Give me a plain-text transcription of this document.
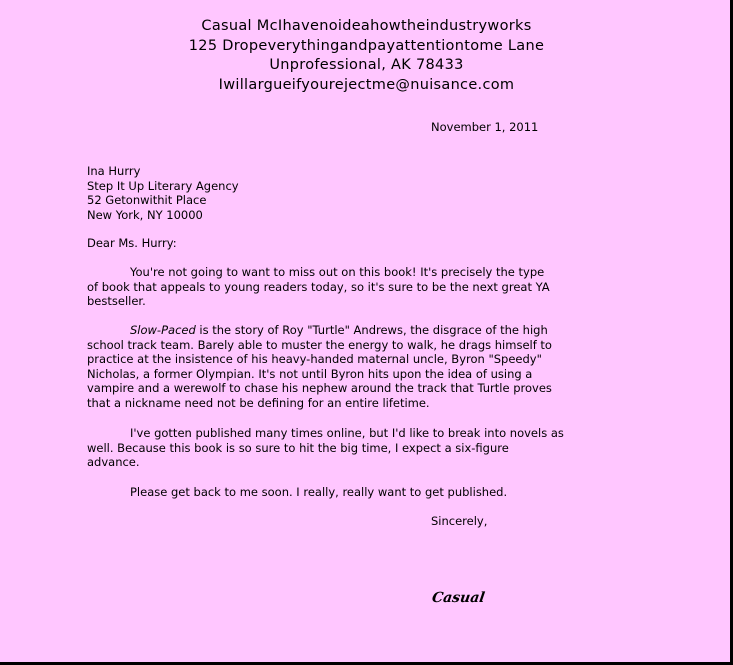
Casual McIhavenoideahowtheindustryworks
125 Dropeverythingandpayattentiontome Lane
Unprofessional, AK 78433
Iwillargueifyourejectme@nuisance.com
November 1, 2011
Ina Hurry
Step It Up Literary Agency
52 Getonwithit Place
New York, NY 10000
Dear Ms. Hurry:
You're not going to want to miss out on this book! It's precisely the type
of book that appeals to young readers today, so it's sure to be the next great YA
bestseller.
Slow-Paced is the story of Roy "Turtle" Andrews, the disgrace of the high
school track team. Barely able to muster the energy to walk, he drags himself to
practice at the insistence of his heavy-handed maternal uncle, Byron "Speedy"
Nicholas, a former Olympian. It's not until Byron hits upon the idea of using a
vampire and a werewolf to chase his nephew around the track that Turtle proves
that a nickname need not be defining for an entire lifetime.
I've gotten published many times online, but I'd like to break into novels as
well. Because this book is so sure to hit the big time, I expect a six-figure
advance.
Please get back to me soon. I really, really want to get published.
Sincerely,
Casual
